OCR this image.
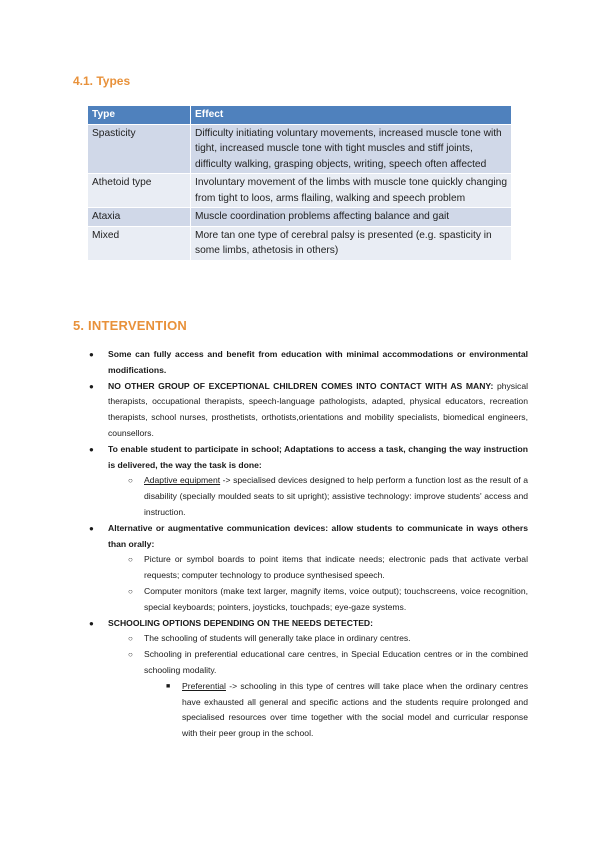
4.1. Types
Type	Effect
Spasticity	Difficulty initiating voluntary movements, increased muscle tone with tight, increased muscle tone with tight muscles and stiff joints, difficulty walking, grasping objects, writing, speech often affected
Athetoid type	Involuntary movement of the limbs with muscle tone quickly changing from tight to loos, arms flailing, walking and speech problem
Ataxia	Muscle coordination problems affecting balance and gait
Mixed	More tan one type of cerebral palsy is presented (e.g. spasticity in some limbs, athetosis in others)
5. INTERVENTION
● Some can fully access and benefit from education with minimal accommodations or environmental modifications.
● NO OTHER GROUP OF EXCEPTIONAL CHILDREN COMES INTO CONTACT WITH AS MANY: physical therapists, occupational therapists, speech-language pathologists, adapted, physical educators, recreation therapists, school nurses, prosthetists, orthotists,orientations and mobility specialists, biomedical engineers, counsellors.
● To enable student to participate in school; Adaptations to access a task, changing the way instruction is delivered, the way the task is done:
○ Adaptive equipment -> specialised devices designed to help perform a function lost as the result of a disability (specially moulded seats to sit upright); assistive technology: improve students' access and instruction.
● Alternative or augmentative communication devices: allow students to communicate in ways others than orally:
○ Picture or symbol boards to point items that indicate needs; electronic pads that activate verbal requests; computer technology to produce synthesised speech.
○ Computer monitors (make text larger, magnify items, voice output); touchscreens, voice recognition, special keyboards; pointers, joysticks, touchpads; eye-gaze systems.
● SCHOOLING OPTIONS DEPENDING ON THE NEEDS DETECTED:
○ The schooling of students will generally take place in ordinary centres.
○ Schooling in preferential educational care centres, in Special Education centres or in the combined schooling modality.
■ Preferential -> schooling in this type of centres will take place when the ordinary centres have exhausted all general and specific actions and the students require prolonged and specialised resources over time together with the social model and curricular response with their peer group in the school.
